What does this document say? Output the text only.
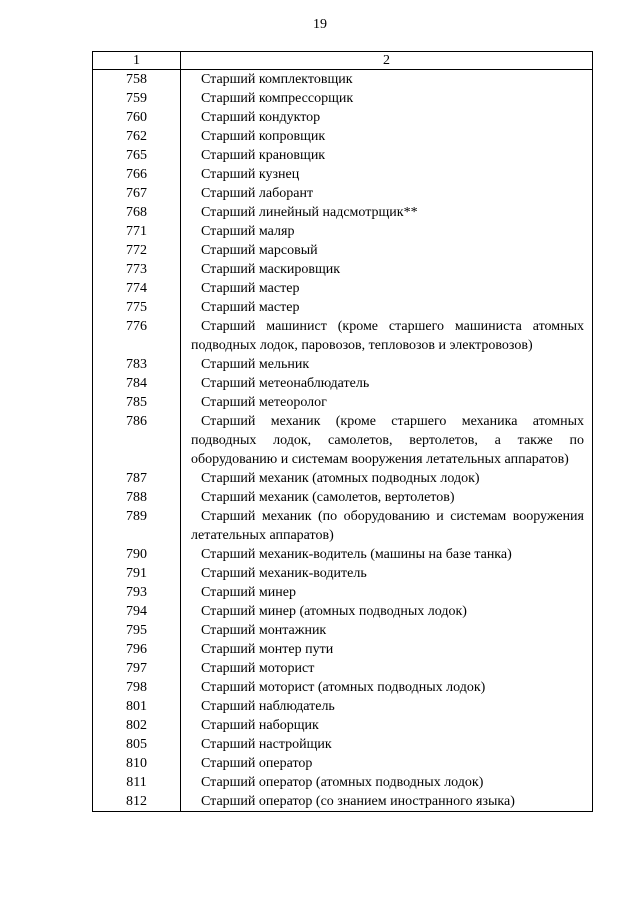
19
1	2
758	Старший комплектовщик

759	Старший компрессорщик

760	Старший кондуктор

762	Старший копровщик

765	Старший крановщик

766	Старший кузнец

767	Старший лаборант

768	Старший линейный надсмотрщик**

771	Старший маляр

772	Старший марсовый

773	Старший маскировщик

774	Старший мастер

775	Старший мастер

776	Старший машинист (кроме старшего машиниста атомных подводных лодок, паровозов, тепловозов и электровозов)

783	Старший мельник

784	Старший метеонаблюдатель

785	Старший метеоролог

786	Старший механик (кроме старшего механика атомных подводных лодок, самолетов, вертолетов, а также по оборудованию и системам вооружения летательных аппаратов)

787	Старший механик (атомных подводных лодок)

788	Старший механик (самолетов, вертолетов)

789	Старший механик (по оборудованию и системам вооружения летательных аппаратов)

790	Старший механик-водитель (машины на базе танка)

791	Старший механик-водитель

793	Старший минер

794	Старший минер (атомных подводных лодок)

795	Старший монтажник

796	Старший монтер пути

797	Старший моторист

798	Старший моторист (атомных подводных лодок)

801	Старший наблюдатель

802	Старший наборщик

805	Старший настройщик

810	Старший оператор

811	Старший оператор (атомных подводных лодок)

812	Старший оператор (со знанием иностранного языка)
